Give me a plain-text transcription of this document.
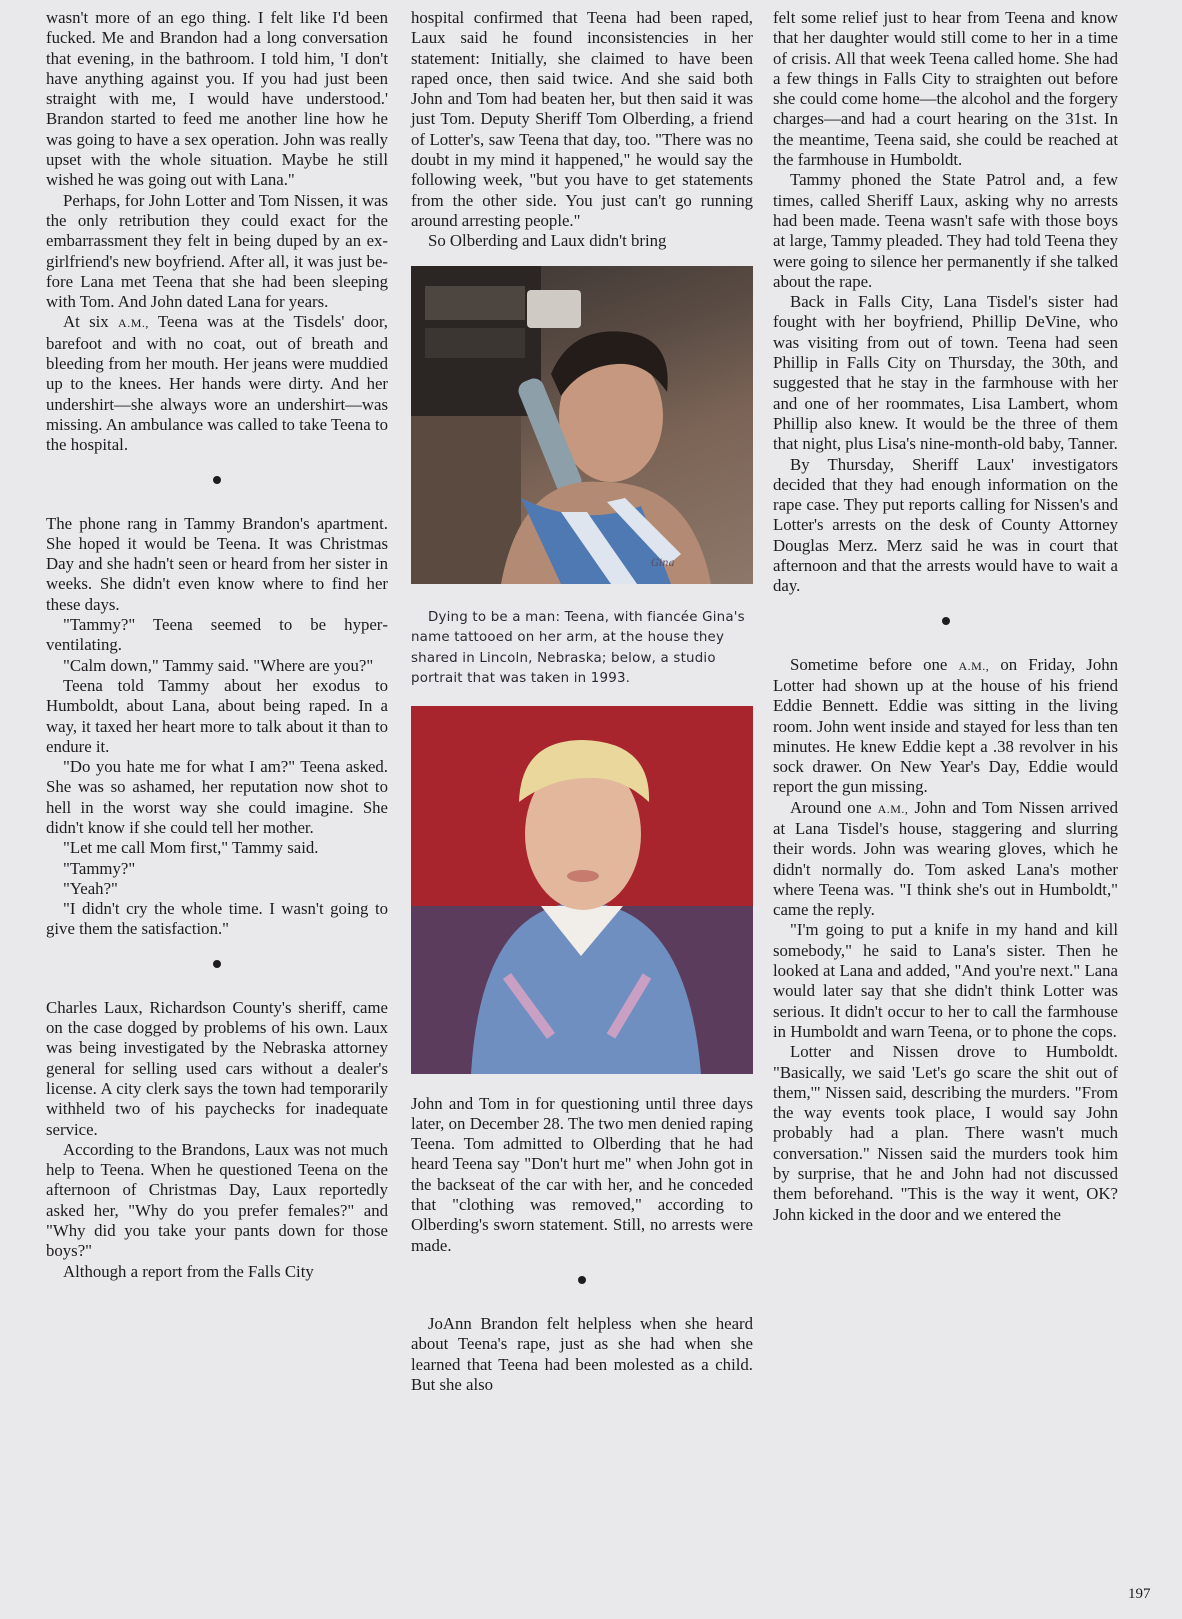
wasn't more of an ego thing. I felt like I'd been fucked. Me and Brandon had a long conversation that evening, in the bathroom. I told him, 'I don't have anything against you. If you had just been straight with me, I would have understood.' Brandon started to feed me another line how he was going to have a sex operation. John was really upset with the whole situation. Maybe he still wished he was going out with Lana."

Perhaps, for John Lotter and Tom Nissen, it was the only retribution they could exact for the embarrassment they felt in being duped by an ex-girlfriend's new boyfriend. After all, it was just before Lana met Teena that she had been sleeping with Tom. And John dated Lana for years.

At six A.M., Teena was at the Tisdels' door, barefoot and with no coat, out of breath and bleeding from her mouth. Her jeans were muddied up to the knees. Her hands were dirty. And her undershirt—she always wore an undershirt—was missing. An ambulance was called to take Teena to the hospital.

The phone rang in Tammy Brandon's apartment. She hoped it would be Teena. It was Christmas Day and she hadn't seen or heard from her sister in weeks. She didn't even know where to find her these days.

"Tammy?" Teena seemed to be hyperventilating.

"Calm down," Tammy said. "Where are you?"

Teena told Tammy about her exodus to Humboldt, about Lana, about being raped. In a way, it taxed her heart more to talk about it than to endure it.

"Do you hate me for what I am?" Teena asked. She was so ashamed, her reputation now shot to hell in the worst way she could imagine. She didn't know if she could tell her mother.

"Let me call Mom first," Tammy said.

"Tammy?"

"Yeah?"

"I didn't cry the whole time. I wasn't going to give them the satisfaction."

Charles Laux, Richardson County's sheriff, came on the case dogged by problems of his own. Laux was being investigated by the Nebraska attorney general for selling used cars without a dealer's license. A city clerk says the town had temporarily withheld two of his paychecks for inadequate service.

According to the Brandons, Laux was not much help to Teena. When he questioned Teena on the afternoon of Christmas Day, Laux reportedly asked her, "Why do you prefer females?" and "Why did you take your pants down for those boys?"

Although a report from the Falls City

hospital confirmed that Teena had been raped, Laux said he found inconsistencies in her statement: Initially, she claimed to have been raped once, then said twice. And she said both John and Tom had beaten her, but then said it was just Tom. Deputy Sheriff Tom Olberding, a friend of Lotter's, saw Teena that day, too. "There was no doubt in my mind it happened," he would say the following week, "but you have to get statements from the other side. You just can't go running around arresting people."

So Olberding and Laux didn't bring

Gina

Dying to be a man: Teena, with fiancée Gina's name tattooed on her arm, at the house they shared in Lincoln, Nebraska; below, a studio portrait that was taken in 1993.

John and Tom in for questioning until three days later, on December 28. The two men denied raping Teena. Tom admitted to Olberding that he had heard Teena say "Don't hurt me" when John got in the backseat of the car with her, and he conceded that "clothing was removed," according to Olberding's sworn statement. Still, no arrests were made.

JoAnn Brandon felt helpless when she heard about Teena's rape, just as she had when she learned that Teena had been molested as a child. But she also

felt some relief just to hear from Teena and know that her daughter would still come to her in a time of crisis. All that week Teena called home. She had a few things in Falls City to straighten out before she could come home—the alcohol and the forgery charges—and had a court hearing on the 31st. In the meantime, Teena said, she could be reached at the farmhouse in Humboldt.

Tammy phoned the State Patrol and, a few times, called Sheriff Laux, asking why no arrests had been made. Teena wasn't safe with those boys at large, Tammy pleaded. They had told Teena they were going to silence her permanently if she talked about the rape.

Back in Falls City, Lana Tisdel's sister had fought with her boyfriend, Phillip DeVine, who was visiting from out of town. Teena had seen Phillip in Falls City on Thursday, the 30th, and suggested that he stay in the farmhouse with her and one of her roommates, Lisa Lambert, whom Phillip also knew. It would be the three of them that night, plus Lisa's nine-month-old baby, Tanner.

By Thursday, Sheriff Laux' investigators decided that they had enough information on the rape case. They put reports calling for Nissen's and Lotter's arrests on the desk of County Attorney Douglas Merz. Merz said he was in court that afternoon and that the arrests would have to wait a day.

Sometime before one A.M., on Friday, John Lotter had shown up at the house of his friend Eddie Bennett. Eddie was sitting in the living room. John went inside and stayed for less than ten minutes. He knew Eddie kept a .38 revolver in his sock drawer. On New Year's Day, Eddie would report the gun missing.

Around one A.M., John and Tom Nissen arrived at Lana Tisdel's house, staggering and slurring their words. John was wearing gloves, which he didn't normally do. Tom asked Lana's mother where Teena was. "I think she's out in Humboldt," came the reply.

"I'm going to put a knife in my hand and kill somebody," he said to Lana's sister. Then he looked at Lana and added, "And you're next." Lana would later say that she didn't think Lotter was serious. It didn't occur to her to call the farmhouse in Humboldt and warn Teena, or to phone the cops.

Lotter and Nissen drove to Humboldt. "Basically, we said 'Let's go scare the shit out of them,'" Nissen said, describing the murders. "From the way events took place, I would say John probably had a plan. There wasn't much conversation." Nissen said the murders took him by surprise, that he and John had not discussed them beforehand. "This is the way it went, OK? John kicked in the door and we entered the

197
